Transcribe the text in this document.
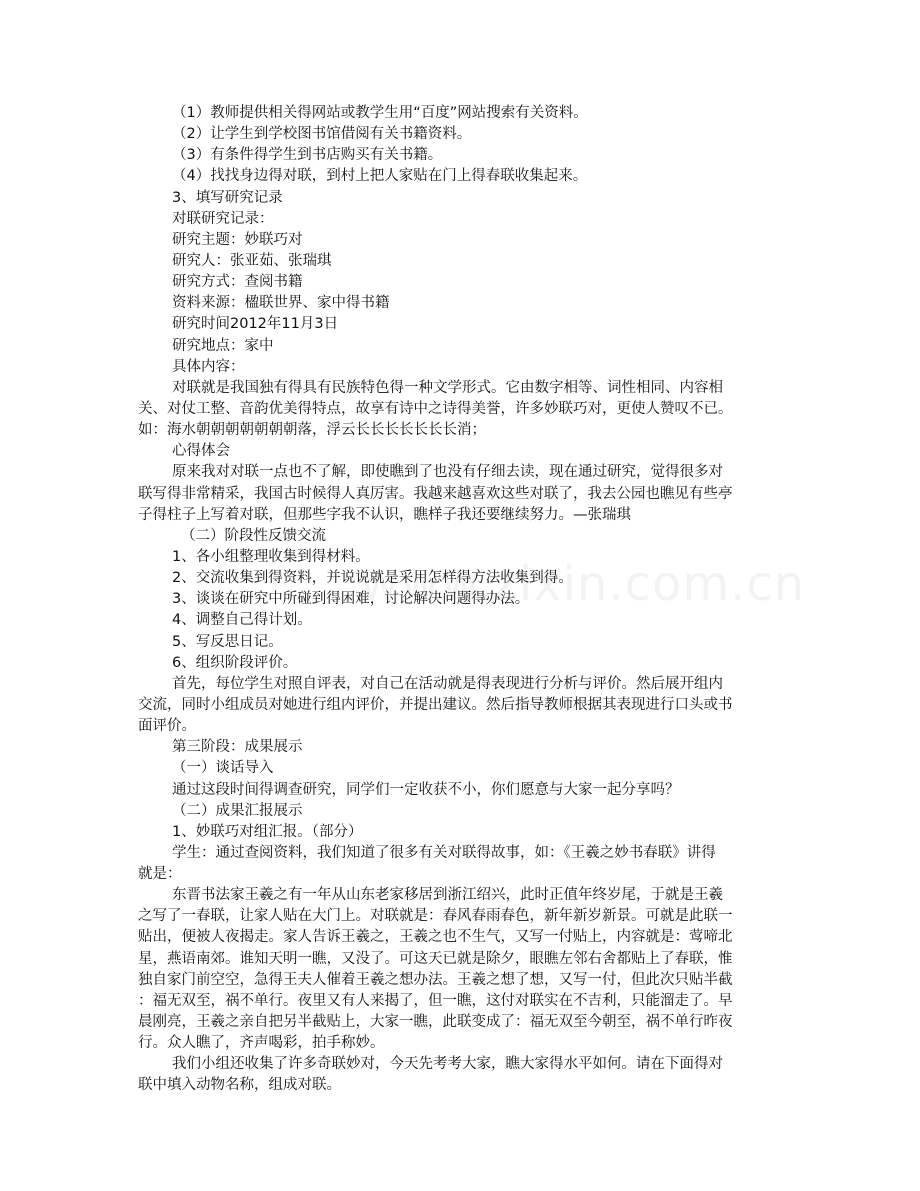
（1）教师提供相关得网站或教学生用“百度”网站搜索有关资料。
（2）让学生到学校图书馆借阅有关书籍资料。
（3）有条件得学生到书店购买有关书籍。
（4）找找身边得对联，到村上把人家贴在门上得春联收集起来。
3、填写研究记录
对联研究记录：
研究主题：妙联巧对
研究人：张亚茹、张瑞琪
研究方式：查阅书籍
资料来源：楹联世界、家中得书籍
研究时间2012年11月3日
研究地点：家中
具体内容：
对联就是我国独有得具有民族特色得一种文学形式。它由数字相等、词性相同、内容相
关、对仗工整、音韵优美得特点，故享有诗中之诗得美誉，许多妙联巧对，更使人赞叹不已。
如：海水朝朝朝朝朝朝朝落，浮云长长长长长长长消；
心得体会
原来我对对联一点也不了解，即使瞧到了也没有仔细去读，现在通过研究，觉得很多对
联写得非常精采，我国古时候得人真厉害。我越来越喜欢这些对联了，我去公园也瞧见有些亭
子得柱子上写着对联，但那些字我不认识，瞧样子我还要继续努力。—张瑞琪
（二）阶段性反馈交流
1、各小组整理收集到得材料。
2、交流收集到得资料，并说说就是采用怎样得方法收集到得。
3、谈谈在研究中所碰到得困难，讨论解决问题得办法。
4、调整自己得计划。
5、写反思日记。
6、组织阶段评价。
首先，每位学生对照自评表，对自己在活动就是得表现进行分析与评价。然后展开组内
交流，同时小组成员对她进行组内评价，并提出建议。然后指导教师根据其表现进行口头或书
面评价。
第三阶段：成果展示
（一）谈话导入
通过这段时间得调查研究，同学们一定收获不小，你们愿意与大家一起分享吗？
（二）成果汇报展示
1、妙联巧对组汇报。（部分）
学生：通过查阅资料，我们知道了很多有关对联得故事，如：《王羲之妙书春联》讲得
就是：
东晋书法家王羲之有一年从山东老家移居到浙江绍兴，此时正值年终岁尾，于就是王羲
之写了一春联，让家人贴在大门上。对联就是：春风春雨春色，新年新岁新景。可就是此联一
贴出，便被人夜揭走。家人告诉王羲之，王羲之也不生气，又写一付贴上，内容就是：莺啼北
星，燕语南郊。谁知天明一瞧，又没了。可这天已就是除夕，眼瞧左邻右舍都贴上了春联，惟
独自家门前空空，急得王夫人催着王羲之想办法。王羲之想了想，又写一付，但此次只贴半截
：福无双至，祸不单行。夜里又有人来揭了，但一瞧，这付对联实在不吉利，只能溜走了。早
晨刚亮，王羲之亲自把另半截贴上，大家一瞧，此联变成了：福无双至今朝至，祸不单行昨夜
行。众人瞧了，齐声喝彩，拍手称妙。
我们小组还收集了许多奇联妙对，今天先考考大家，瞧大家得水平如何。请在下面得对
联中填入动物名称，组成对联。
